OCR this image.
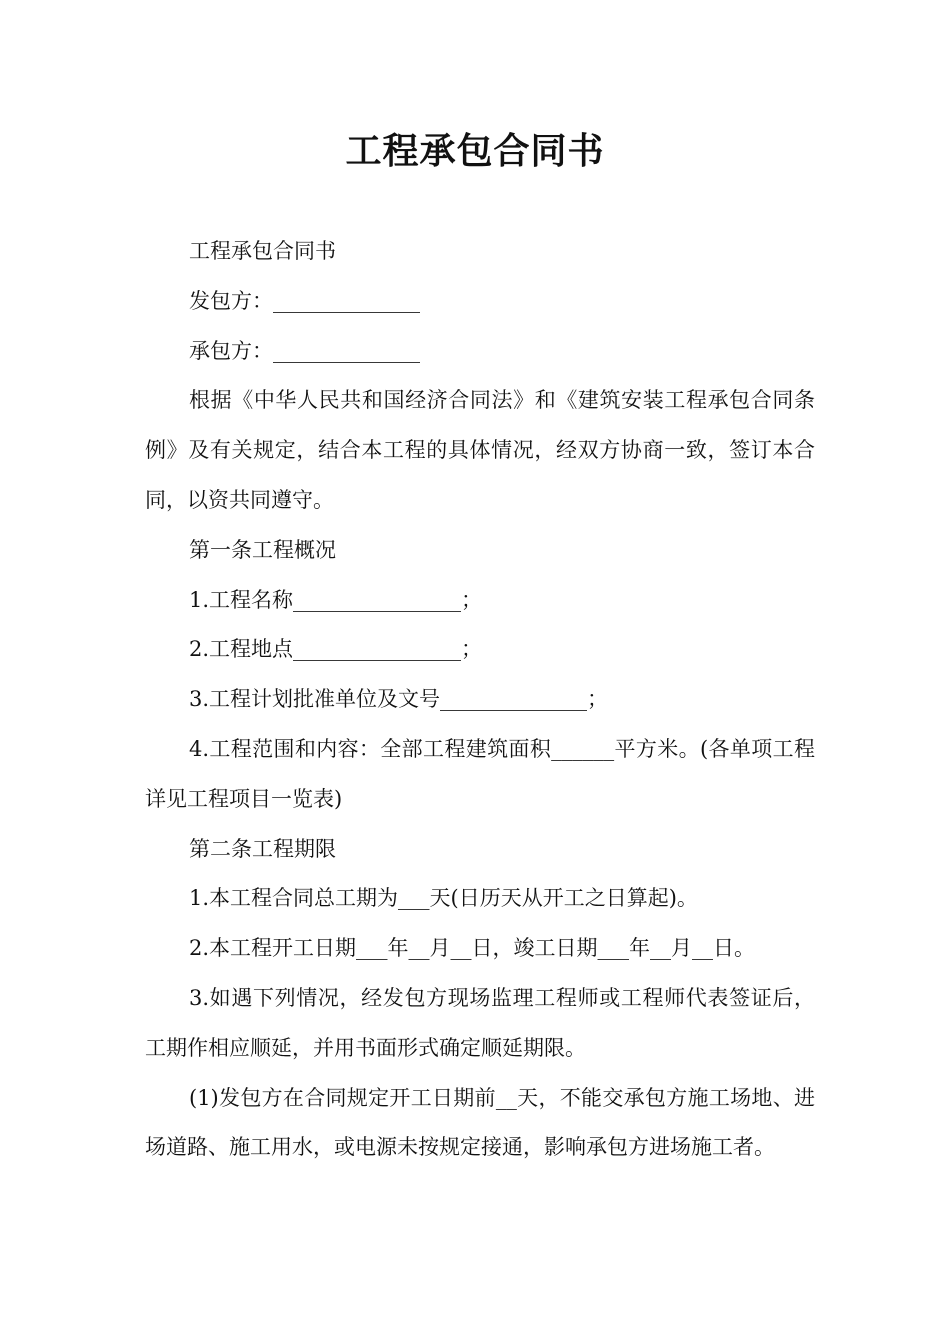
工程承包合同书

工程承包合同书

发包方：______________

承包方：______________

根据《中华人民共和国经济合同法》和《建筑安装工程承包合同条例》及有关规定，结合本工程的具体情况，经双方协商一致，签订本合同，以资共同遵守。

第一条工程概况

1.工程名称________________；

2.工程地点________________；

3.工程计划批准单位及文号______________；

4.工程范围和内容：全部工程建筑面积______平方米。(各单项工程详见工程项目一览表)

第二条工程期限

1.本工程合同总工期为___天(日历天从开工之日算起)。

2.本工程开工日期___年__月__日，竣工日期___年__月__日。

3.如遇下列情况，经发包方现场监理工程师或工程师代表签证后，工期作相应顺延，并用书面形式确定顺延期限。

(1)发包方在合同规定开工日期前__天，不能交承包方施工场地、进场道路、施工用水，或电源未按规定接通，影响承包方进场施工者。
